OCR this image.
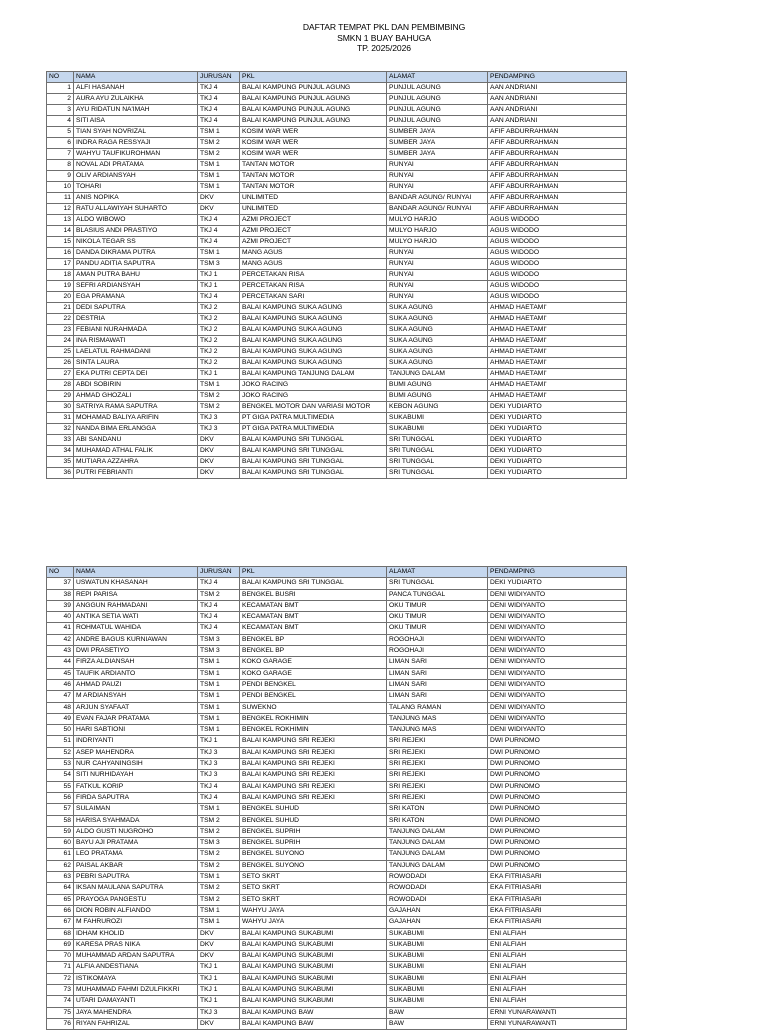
DAFTAR TEMPAT PKL DAN PEMBIMBING
SMKN 1 BUAY BAHUGA
TP. 2025/2026
NO	NAMA	JURUSAN	PKL	ALAMAT	PENDAMPING
1	ALFI HASANAH	TKJ 4	BALAI KAMPUNG PUNJUL AGUNG	PUNJUL AGUNG	AAN ANDRIANI
2	AURA AYU ZULAIKHA	TKJ 4	BALAI KAMPUNG PUNJUL AGUNG	PUNJUL AGUNG	AAN ANDRIANI
3	AYU RIDATUN NA'IMAH	TKJ 4	BALAI KAMPUNG PUNJUL AGUNG	PUNJUL AGUNG	AAN ANDRIANI
4	SITI AISA	TKJ 4	BALAI KAMPUNG PUNJUL AGUNG	PUNJUL AGUNG	AAN ANDRIANI
5	TIAN SYAH NOVRIZAL	TSM 1	KOSIM WAR WER	SUMBER JAYA	AFIF ABDURRAHMAN
6	INDRA RAGA RESSYAJI	TSM 2	KOSIM WAR WER	SUMBER JAYA	AFIF ABDURRAHMAN
7	WAHYU TAUFIKUROHMAN	TSM 2	KOSIM WAR WER	SUMBER JAYA	AFIF ABDURRAHMAN
8	NOVAL ADI PRATAMA	TSM 1	TANTAN MOTOR	RUNYAI	AFIF ABDURRAHMAN
9	OLIV ARDIANSYAH	TSM 1	TANTAN MOTOR	RUNYAI	AFIF ABDURRAHMAN
10	TOHARI	TSM 1	TANTAN MOTOR	RUNYAI	AFIF ABDURRAHMAN
11	ANIS NOPIKA	DKV	UNLIMITED	BANDAR AGUNG/ RUNYAI	AFIF ABDURRAHMAN
12	RATU ALLAWIYAH SUHARTO	DKV	UNLIMITED	BANDAR AGUNG/ RUNYAI	AFIF ABDURRAHMAN
13	ALDO WIBOWO	TKJ 4	AZMI PROJECT	MULYO HARJO	AGUS WIDODO
14	BLASIUS ANDI PRASTIYO	TKJ 4	AZMI PROJECT	MULYO HARJO	AGUS WIDODO
15	NIKOLA TEGAR SS	TKJ 4	AZMI PROJECT	MULYO HARJO	AGUS WIDODO
16	DANDA DIKRAMA PUTRA	TSM 1	MANG AGUS	RUNYAI	AGUS WIDODO
17	PANDU ADITIA SAPUTRA	TSM 3	MANG AGUS	RUNYAI	AGUS WIDODO
18	AMAN PUTRA BAHU	TKJ 1	PERCETAKAN RISA	RUNYAI	AGUS WIDODO
19	SEFRI ARDIANSYAH	TKJ 1	PERCETAKAN RISA	RUNYAI	AGUS WIDODO
20	EGA PRAMANA	TKJ 4	PERCETAKAN SARI	RUNYAI	AGUS WIDODO
21	DEDI SAPUTRA	TKJ 2	BALAI KAMPUNG SUKA AGUNG	SUKA AGUNG	AHMAD HAETAMI'
22	DESTRIA	TKJ 2	BALAI KAMPUNG SUKA AGUNG	SUKA AGUNG	AHMAD HAETAMI'
23	FEBIANI NURAHMADA	TKJ 2	BALAI KAMPUNG SUKA AGUNG	SUKA AGUNG	AHMAD HAETAMI'
24	INA RISMAWATI	TKJ 2	BALAI KAMPUNG SUKA AGUNG	SUKA AGUNG	AHMAD HAETAMI'
25	LAELATUL RAHMADANI	TKJ 2	BALAI KAMPUNG SUKA AGUNG	SUKA AGUNG	AHMAD HAETAMI'
26	SINTA LAURA	TKJ 2	BALAI KAMPUNG SUKA AGUNG	SUKA AGUNG	AHMAD HAETAMI'
27	EKA PUTRI CEPTA DEI	TKJ 1	BALAI KAMPUNG TANJUNG DALAM	TANJUNG DALAM	AHMAD HAETAMI'
28	ABDI SOBIRIN	TSM 1	JOKO RACING	BUMI AGUNG	AHMAD HAETAMI'
29	AHMAD GHOZALI	TSM 2	JOKO RACING	BUMI AGUNG	AHMAD HAETAMI'
30	SATRIYA RAMA SAPUTRA	TSM 2	BENGKEL MOTOR DAN VARIASI MOTOR	KEBON AGUNG	DEKI YUDIARTO
31	MOHAMAD BALIYA ARIFIN	TKJ 3	PT GIGA PATRA MULTIMEDIA	SUKABUMI	DEKI YUDIARTO
32	NANDA BIMA ERLANGGA	TKJ 3	PT GIGA PATRA MULTIMEDIA	SUKABUMI	DEKI YUDIARTO
33	ABI SANDANU	DKV	BALAI KAMPUNG SRI TUNGGAL	SRI TUNGGAL	DEKI YUDIARTO
34	MUHAMAD ATHAL FALIK	DKV	BALAI KAMPUNG SRI TUNGGAL	SRI TUNGGAL	DEKI YUDIARTO
35	MUTIARA AZZAHRA	DKV	BALAI KAMPUNG SRI TUNGGAL	SRI TUNGGAL	DEKI YUDIARTO
36	PUTRI FEBRIANTI	DKV	BALAI KAMPUNG SRI TUNGGAL	SRI TUNGGAL	DEKI YUDIARTO
NO	NAMA	JURUSAN	PKL	ALAMAT	PENDAMPING
37	USWATUN KHASANAH	TKJ 4	BALAI KAMPUNG SRI TUNGGAL	SRI TUNGGAL	DEKI YUDIARTO
38	REPI PARISA	TSM 2	BENGKEL BUSRI	PANCA TUNGGAL	DENI WIDIYANTO
39	ANGGUN RAHMADANI	TKJ 4	KECAMATAN BMT	OKU TIMUR	DENI WIDIYANTO
40	ANTIKA SETIA WATI	TKJ 4	KECAMATAN BMT	OKU TIMUR	DENI WIDIYANTO
41	ROHMATUL WAHIDA	TKJ 4	KECAMATAN BMT	OKU TIMUR	DENI WIDIYANTO
42	ANDRE BAGUS KURNIAWAN	TSM 3	BENGKEL BP	ROGOHAJI	DENI WIDIYANTO
43	DWI PRASETIYO	TSM 3	BENGKEL BP	ROGOHAJI	DENI WIDIYANTO
44	FIRZA ALDIANSAH	TSM 1	KOKO GARAGE	LIMAN SARI	DENI WIDIYANTO
45	TAUFIK ARDIANTO	TSM 1	KOKO GARAGE	LIMAN SARI	DENI WIDIYANTO
46	AHMAD PAUZI	TSM 1	PENDI BENGKEL	LIMAN SARI	DENI WIDIYANTO
47	M ARDIANSYAH	TSM 1	PENDI BENGKEL	LIMAN SARI	DENI WIDIYANTO
48	ARJUN SYAFAAT	TSM 1	SUWEKNO	TALANG RAMAN	DENI WIDIYANTO
49	EVAN FAJAR PRATAMA	TSM 1	BENGKEL ROKHIMIN	TANJUNG MAS	DENI WIDIYANTO
50	HARI SABTIONI	TSM 1	BENGKEL ROKHIMIN	TANJUNG MAS	DENI WIDIYANTO
51	INDRIYANTI	TKJ 1	BALAI KAMPUNG SRI REJEKI	SRI REJEKI	DWI PURNOMO
52	ASEP MAHENDRA	TKJ 3	BALAI KAMPUNG SRI REJEKI	SRI REJEKI	DWI PURNOMO
53	NUR CAHYANINGSIH	TKJ 3	BALAI KAMPUNG SRI REJEKI	SRI REJEKI	DWI PURNOMO
54	SITI NURHIDAYAH	TKJ 3	BALAI KAMPUNG SRI REJEKI	SRI REJEKI	DWI PURNOMO
55	FATKUL KORIP	TKJ 4	BALAI KAMPUNG SRI REJEKI	SRI REJEKI	DWI PURNOMO
56	FIRDA SAPUTRA	TKJ 4	BALAI KAMPUNG SRI REJEKI	SRI REJEKI	DWI PURNOMO
57	SULAIMAN	TSM 1	BENGKEL SUHUD	SRI KATON	DWI PURNOMO
58	HARISA SYAHMADA	TSM 2	BENGKEL SUHUD	SRI KATON	DWI PURNOMO
59	ALDO GUSTI NUGROHO	TSM 2	BENGKEL SUPRIH	TANJUNG DALAM	DWI PURNOMO
60	BAYU AJI PRATAMA	TSM 3	BENGKEL SUPRIH	TANJUNG DALAM	DWI PURNOMO
61	LEO PRATAMA	TSM 2	BENGKEL SUYONO	TANJUNG DALAM	DWI PURNOMO
62	PAISAL AKBAR	TSM 2	BENGKEL SUYONO	TANJUNG DALAM	DWI PURNOMO
63	PEBRI SAPUTRA	TSM 1	SETO SKRT	ROWODADI	EKA FITRIASARI
64	IKSAN MAULANA SAPUTRA	TSM 2	SETO SKRT	ROWODADI	EKA FITRIASARI
65	PRAYOGA PANGESTU	TSM 2	SETO SKRT	ROWODADI	EKA FITRIASARI
66	DION ROBIN ALFIANDO	TSM 1	WAHYU JAYA	GAJAHAN	EKA FITRIASARI
67	M FAHRUROZI	TSM 1	WAHYU JAYA	GAJAHAN	EKA FITRIASARI
68	IDHAM KHOLID	DKV	BALAI KAMPUNG SUKABUMI	SUKABUMI	ENI ALFIAH
69	KARESA PRAS NIKA	DKV	BALAI KAMPUNG SUKABUMI	SUKABUMI	ENI ALFIAH
70	MUHAMMAD ARDAN SAPUTRA	DKV	BALAI KAMPUNG SUKABUMI	SUKABUMI	ENI ALFIAH
71	ALFIA ANDESTIANA	TKJ 1	BALAI KAMPUNG SUKABUMI	SUKABUMI	ENI ALFIAH
72	ISTIKOMAYA	TKJ 1	BALAI KAMPUNG SUKABUMI	SUKABUMI	ENI ALFIAH
73	MUHAMMAD FAHMI DZULFIKKRI	TKJ 1	BALAI KAMPUNG SUKABUMI	SUKABUMI	ENI ALFIAH
74	UTARI DAMAYANTI	TKJ 1	BALAI KAMPUNG SUKABUMI	SUKABUMI	ENI ALFIAH
75	JAYA MAHENDRA	TKJ 3	BALAI KAMPUNG BAW	BAW	ERNI YUNARAWANTI
76	RIYAN FAHRIZAL	DKV	BALAI KAMPUNG BAW	BAW	ERNI YUNARAWANTI
